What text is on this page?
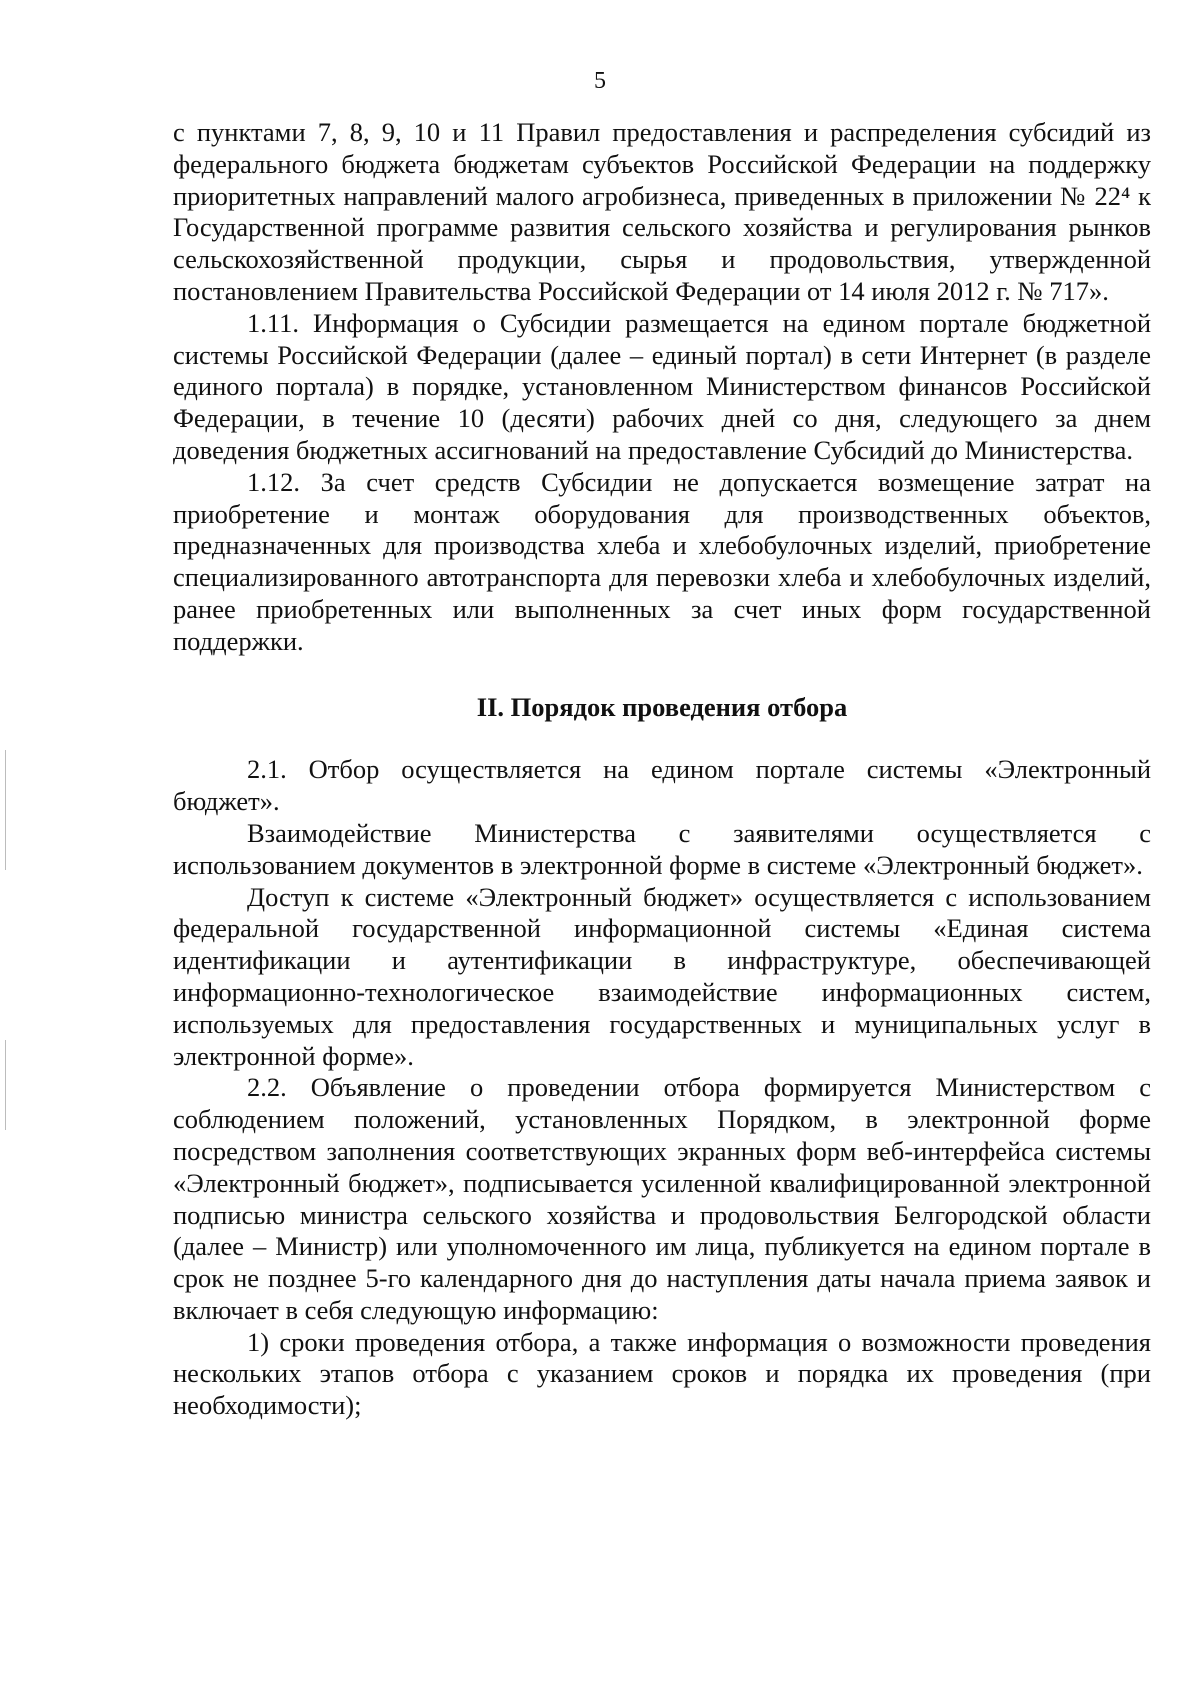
5

с пунктами 7, 8, 9, 10 и 11 Правил предоставления и распределения субсидий из федерального бюджета бюджетам субъектов Российской Федерации на поддержку приоритетных направлений малого агробизнеса, приведенных в приложении № 22⁴ к Государственной программе развития сельского хозяйства и регулирования рынков сельскохозяйственной продукции, сырья и продовольствия, утвержденной постановлением Правительства Российской Федерации от 14 июля 2012 г. № 717».

1.11. Информация о Субсидии размещается на едином портале бюджетной системы Российской Федерации (далее – единый портал) в сети Интернет (в разделе единого портала) в порядке, установленном Министерством финансов Российской Федерации, в течение 10 (десяти) рабочих дней со дня, следующего за днем доведения бюджетных ассигнований на предоставление Субсидий до Министерства.

1.12. За счет средств Субсидии не допускается возмещение затрат на приобретение и монтаж оборудования для производственных объектов, предназначенных для производства хлеба и хлебобулочных изделий, приобретение специализированного автотранспорта для перевозки хлеба и хлебобулочных изделий, ранее приобретенных или выполненных за счет иных форм государственной поддержки.

II. Порядок проведения отбора

2.1. Отбор осуществляется на едином портале системы «Электронный бюджет».

Взаимодействие Министерства с заявителями осуществляется с использованием документов в электронной форме в системе «Электронный бюджет».

Доступ к системе «Электронный бюджет» осуществляется с использованием федеральной государственной информационной системы «Единая система идентификации и аутентификации в инфраструктуре, обеспечивающей информационно-технологическое взаимодействие информационных систем, используемых для предоставления государственных и муниципальных услуг в электронной форме».

2.2. Объявление о проведении отбора формируется Министерством с соблюдением положений, установленных Порядком, в электронной форме посредством заполнения соответствующих экранных форм веб-интерфейса системы «Электронный бюджет», подписывается усиленной квалифицированной электронной подписью министра сельского хозяйства и продовольствия Белгородской области (далее – Министр) или уполномоченного им лица, публикуется на едином портале в срок не позднее 5-го календарного дня до наступления даты начала приема заявок и включает в себя следующую информацию:

1) сроки проведения отбора, а также информация о возможности проведения нескольких этапов отбора с указанием сроков и порядка их проведения (при необходимости);
